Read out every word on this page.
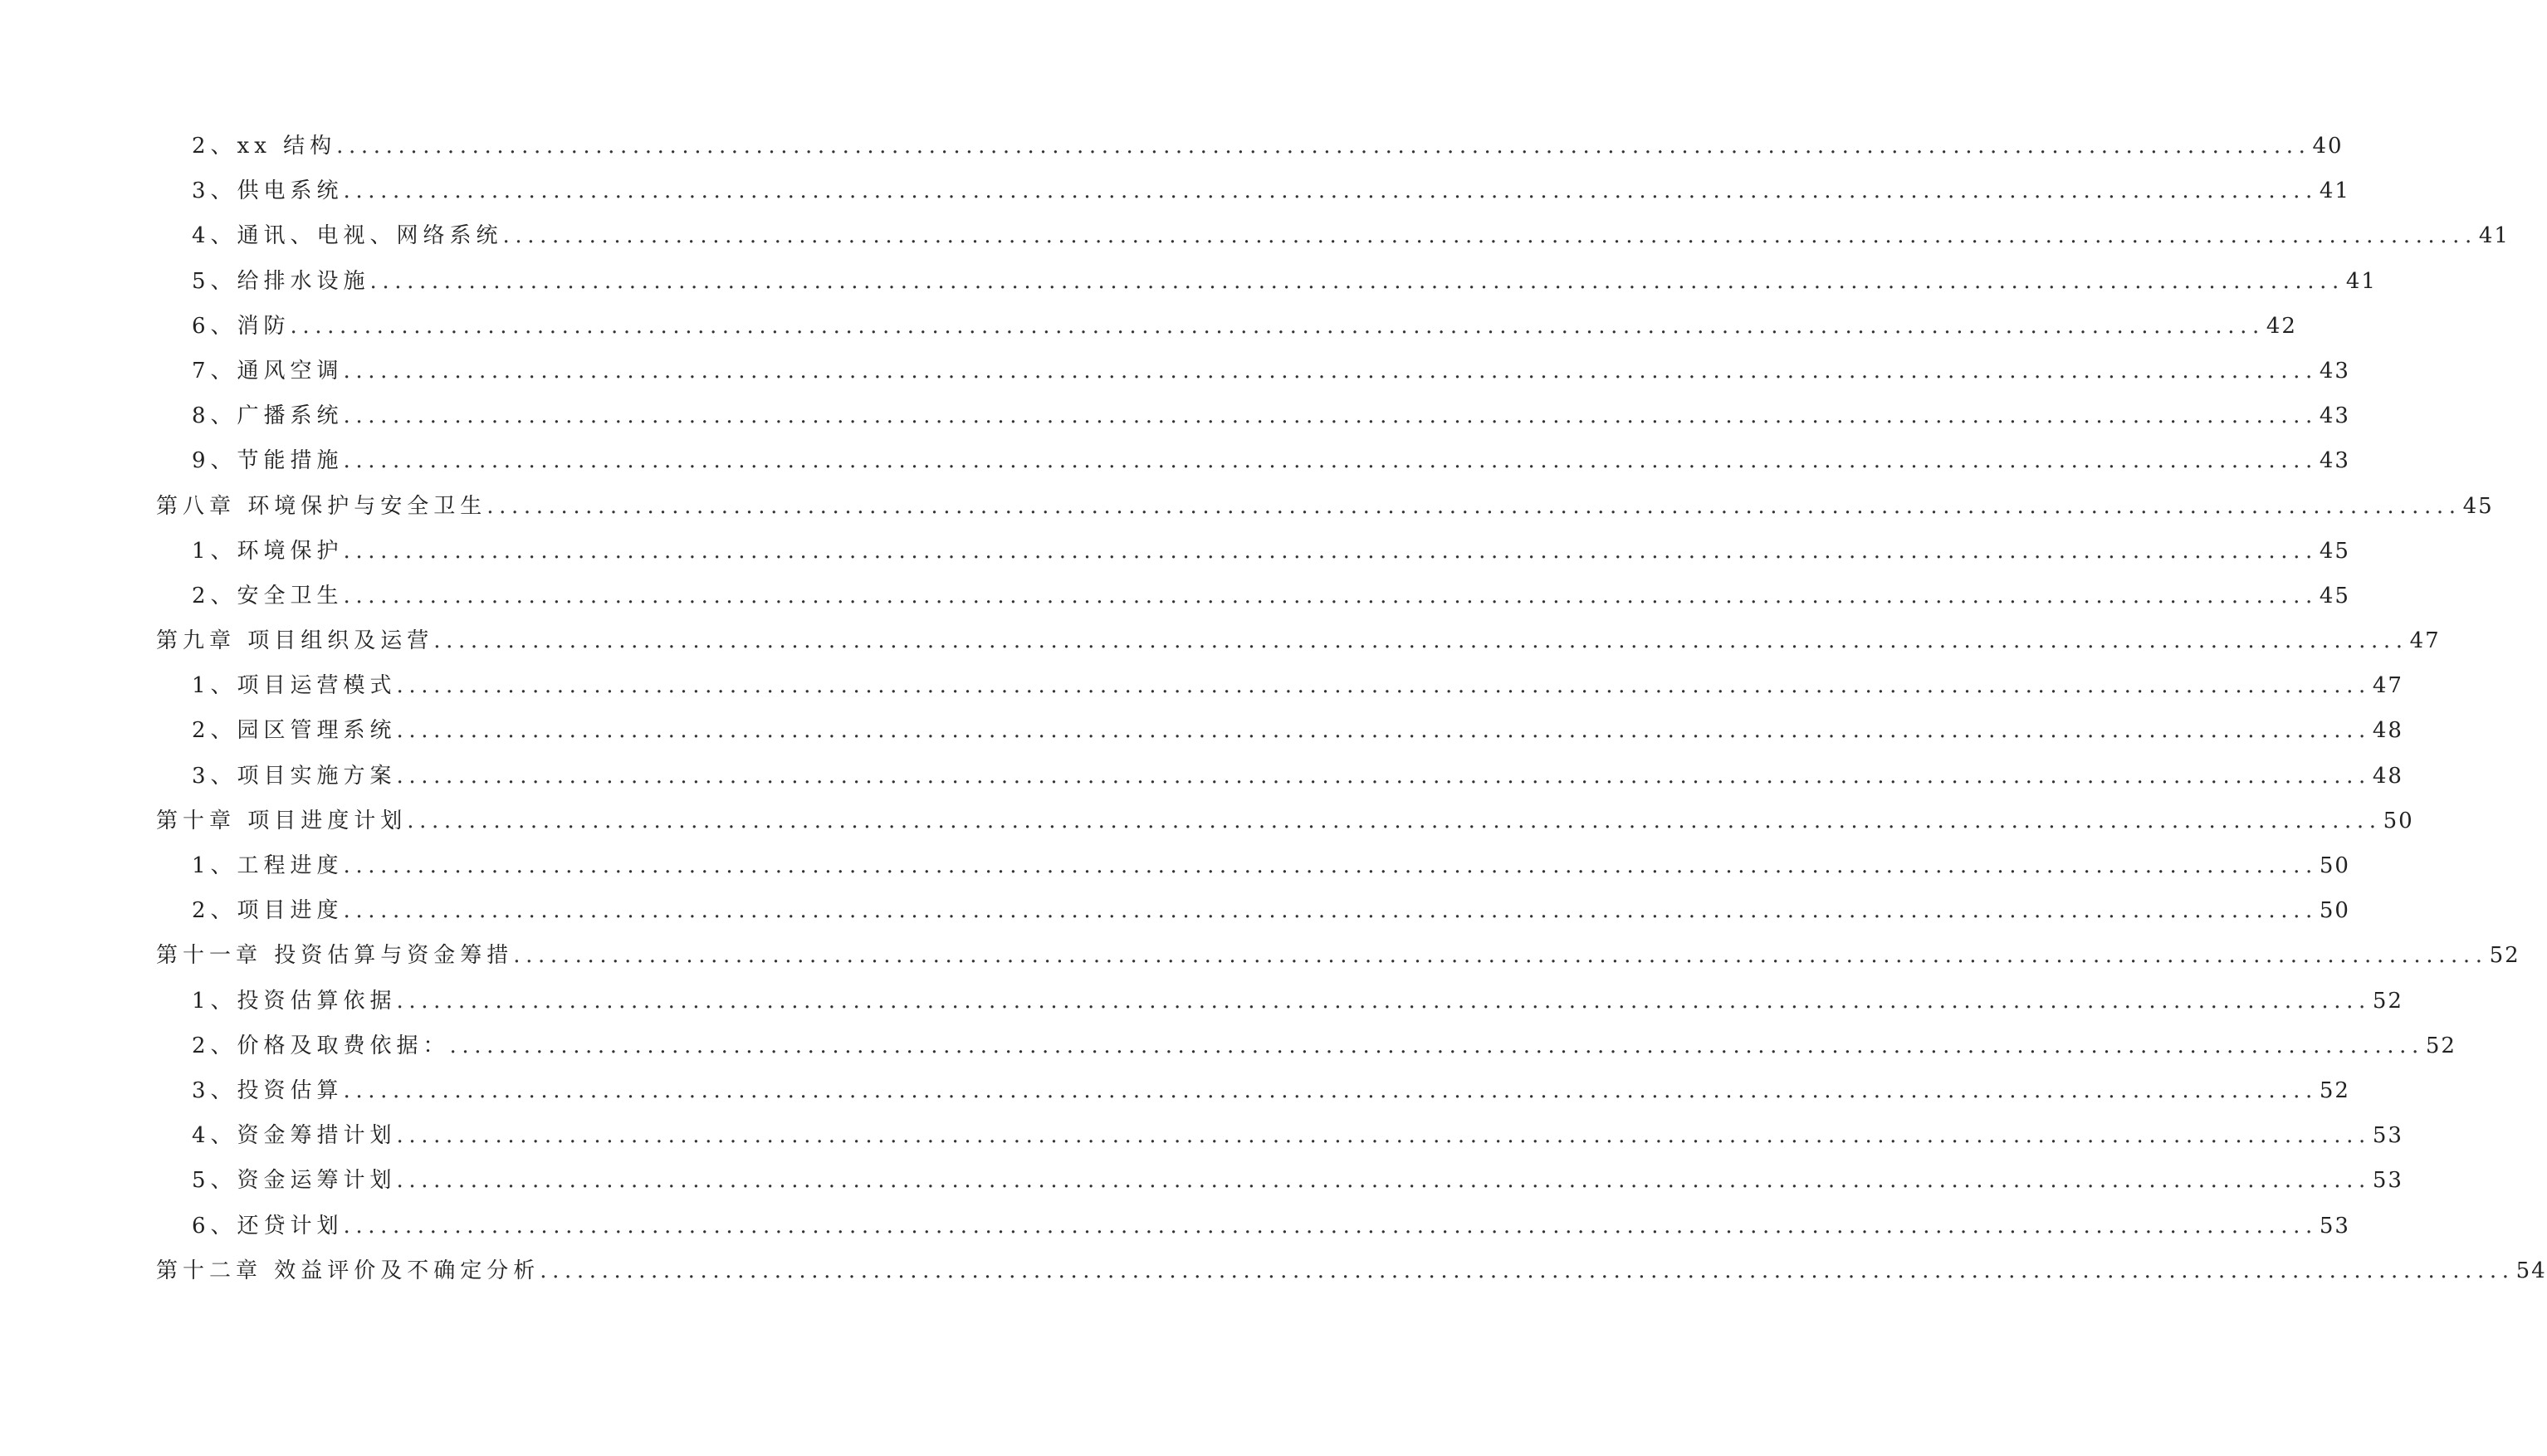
2、xx 结构 ................................................................................................................................................................ 40
3、供电系统 ................................................................................................................................................................ 41
4、通讯、电视、网络系统 ................................................................................................................................................................ 41
5、给排水设施 ................................................................................................................................................................ 41
6、消防 ................................................................................................................................................................ 42
7、通风空调 ................................................................................................................................................................ 43
8、广播系统 ................................................................................................................................................................ 43
9、节能措施 ................................................................................................................................................................ 43
第八章 环境保护与安全卫生 ................................................................................................................................................................ 45
1、环境保护 ................................................................................................................................................................ 45
2、安全卫生 ................................................................................................................................................................ 45
第九章 项目组织及运营 ................................................................................................................................................................ 47
1、项目运营模式 ................................................................................................................................................................ 47
2、园区管理系统 ................................................................................................................................................................ 48
3、项目实施方案 ................................................................................................................................................................ 48
第十章 项目进度计划 ................................................................................................................................................................ 50
1、工程进度 ................................................................................................................................................................ 50
2、项目进度 ................................................................................................................................................................ 50
第十一章 投资估算与资金筹措 ................................................................................................................................................................ 52
1、投资估算依据 ................................................................................................................................................................ 52
2、价格及取费依据： ................................................................................................................................................................ 52
3、投资估算 ................................................................................................................................................................ 52
4、资金筹措计划 ................................................................................................................................................................ 53
5、资金运筹计划 ................................................................................................................................................................ 53
6、还贷计划 ................................................................................................................................................................ 53
第十二章 效益评价及不确定分析 ................................................................................................................................................................ 54
